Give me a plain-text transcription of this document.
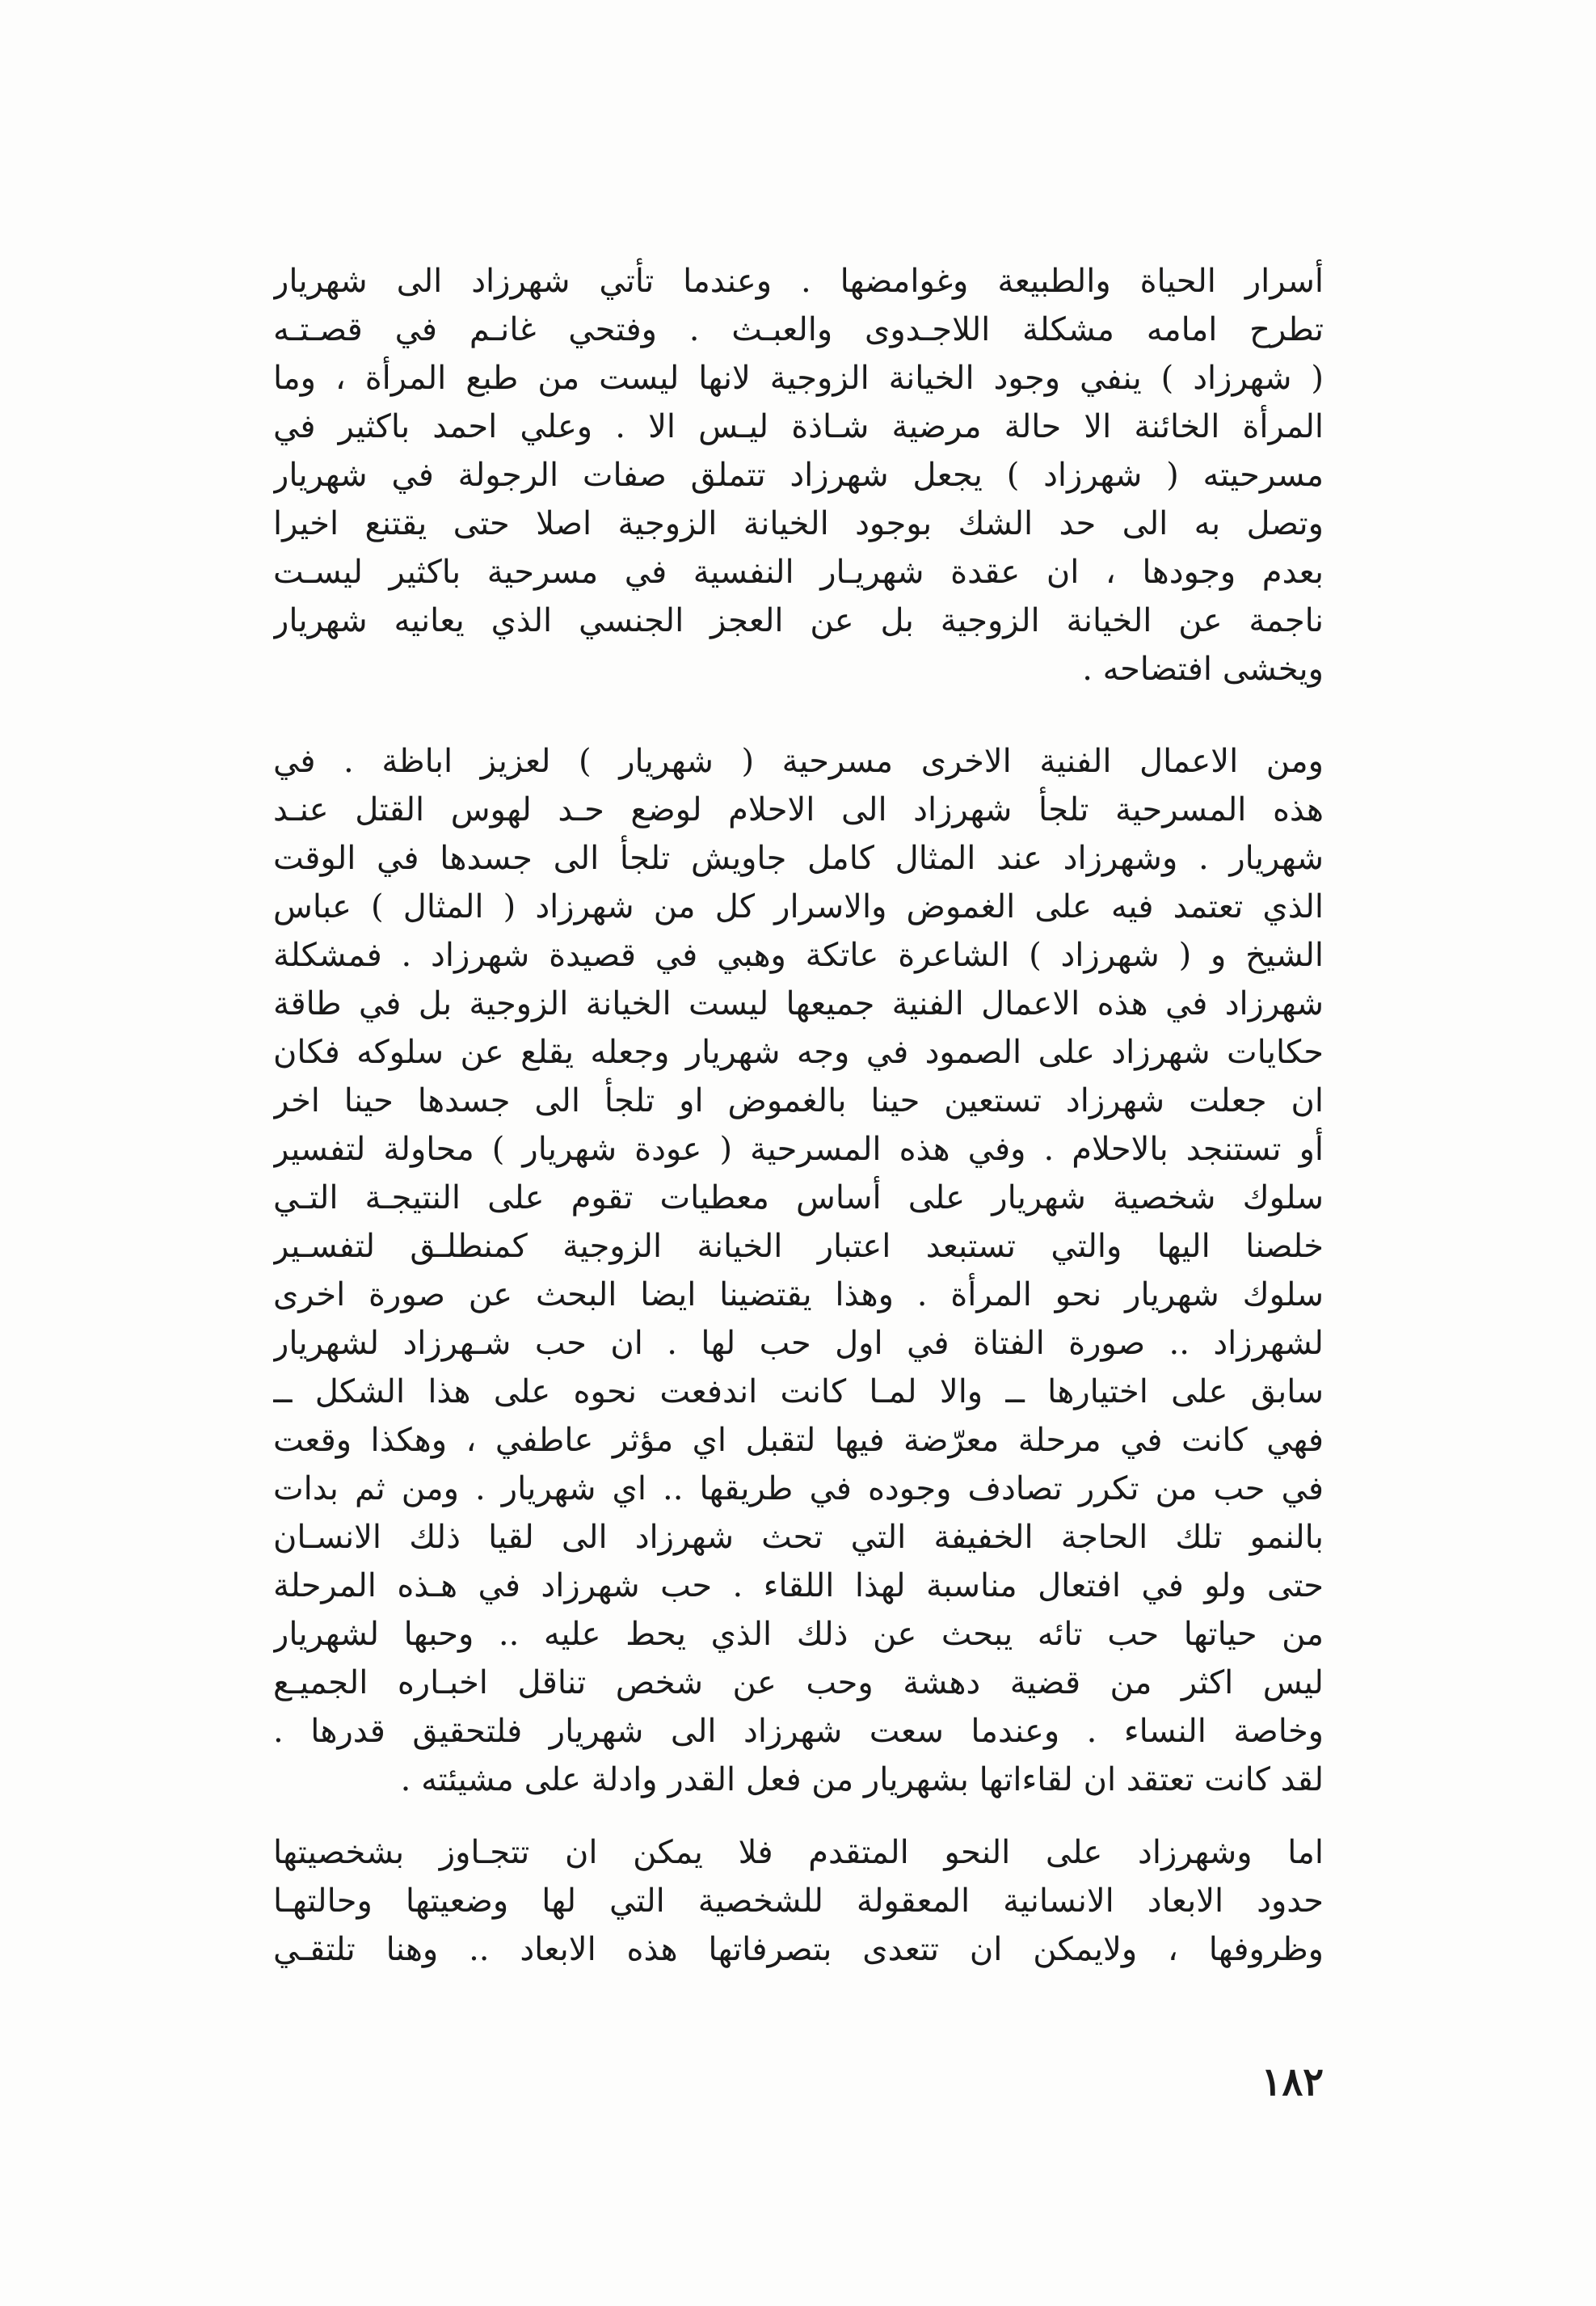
أسرار الحياة والطبيعة وغوامضها . وعندما تأتي شهرزاد الى شهريار
تطرح امامه مشكلة اللاجـدوى والعبـث . وفتحي غانـم في قصـتـه
( شهرزاد ) ينفي وجود الخيانة الزوجية لانها ليست من طبع المرأة ، وما
المرأة الخائنة الا حالة مرضية شـاذة ليـس الا . وعلي احمد باكثير في
مسرحيته ( شهرزاد ) يجعل شهرزاد تتملق صفات الرجولة في شهريار
وتصل به الى حد الشك بوجود الخيانة الزوجية اصلا حتى يقتنع اخيرا
بعدم وجودها ، ان عقدة شهريـار النفسية في مسرحية باكثير ليسـت
ناجمة عن الخيانة الزوجية بل عن العجز الجنسي الذي يعانيه شهريار
ويخشى افتضاحه .
ومن الاعمال الفنية الاخرى مسرحية ( شهريار ) لعزيز اباظة . في
هذه المسرحية تلجأ شهرزاد الى الاحلام لوضع حـد لهوس القتل عنـد
شهريار . وشهرزاد عند المثال كامل جاويش تلجأ الى جسدها في الوقت
الذي تعتمد فيه على الغموض والاسرار كل من شهرزاد ( المثال ) عباس
الشيخ و ( شهرزاد ) الشاعرة عاتكة وهبي في قصيدة شهرزاد . فمشكلة
شهرزاد في هذه الاعمال الفنية جميعها ليست الخيانة الزوجية بل في طاقة
حكايات شهرزاد على الصمود في وجه شهريار وجعله يقلع عن سلوكه فكان
ان جعلت شهرزاد تستعين حينا بالغموض او تلجأ الى جسدها حينا اخر
أو تستنجد بالاحلام . وفي هذه المسرحية ( عودة شهريار ) محاولة لتفسير
سلوك شخصية شهريار على أساس معطيات تقوم على النتيجـة التـي
خلصنا اليها والتي تستبعد اعتبار الخيانة الزوجية كمنطلـق لتفسـير
سلوك شهريار نحو المرأة . وهذا يقتضينا ايضا البحث عن صورة اخرى
لشهرزاد .. صورة الفتاة في اول حب لها . ان حب شـهرزاد لشهريار
سابق على اختيارها ــ والا لمـا كانت اندفعت نحوه على هذا الشكل ــ
فهي كانت في مرحلة معرّضة فيها لتقبل اي مؤثر عاطفي ، وهكذا وقعت
في حب من تكرر تصادف وجوده في طريقها .. اي شهريار . ومن ثم بدات
بالنمو تلك الحاجة الخفيفة التي تحث شهرزاد الى لقيا ذلك الانسـان
حتى ولو في افتعال مناسبة لهذا اللقاء . حب شهرزاد في هـذه المرحلة
من حياتها حب تائه يبحث عن ذلك الذي يحط عليه .. وحبها لشهريار
ليس اكثر من قضية دهشة وحب عن شخص تناقل اخبـاره الجميـع
وخاصة النساء . وعندما سعت شهرزاد الى شهريار فلتحقيق قدرها .
لقد كانت تعتقد ان لقاءاتها بشهريار من فعل القدر وادلة على مشيئته .
اما وشهرزاد على النحو المتقدم فلا يمكن ان تتجـاوز بشخصيتها
حدود الابعاد الانسانية المعقولة للشخصية التي لها وضعيتها وحالتهـا
وظروفها ، ولايمكن ان تتعدى بتصرفاتها هذه الابعاد .. وهنا تلتقـي
١٨٢
